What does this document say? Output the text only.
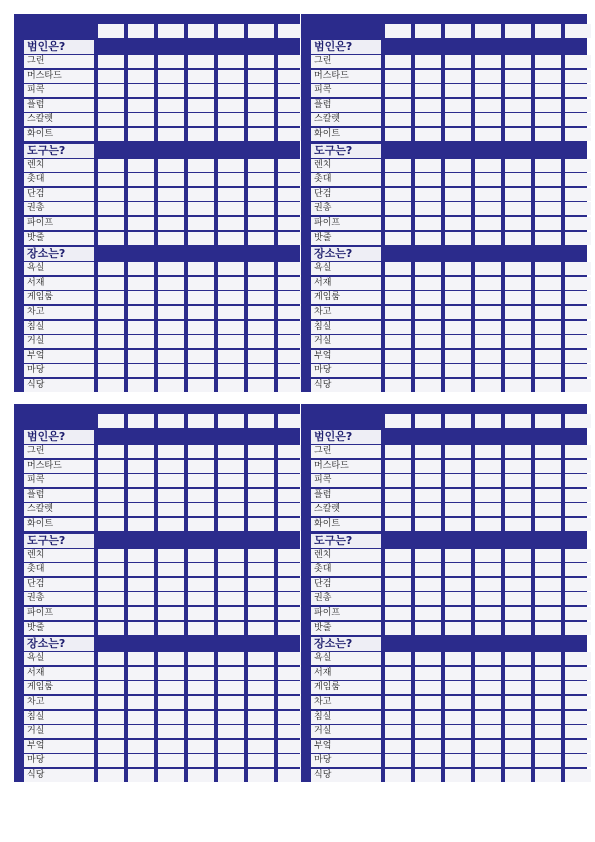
범인은?
그린
머스타드
피콕
플럼
스칼렛
화이트
도구는?
렌치
촛대
단검
권총
파이프
밧줄
장소는?
욕실
서재
게임룸
차고
침실
거실
부엌
마당
식당
범인은?
그린
머스타드
피콕
플럼
스칼렛
화이트
도구는?
렌치
촛대
단검
권총
파이프
밧줄
장소는?
욕실
서재
게임룸
차고
침실
거실
부엌
마당
식당
범인은?
그린
머스타드
피콕
플럼
스칼렛
화이트
도구는?
렌치
촛대
단검
권총
파이프
밧줄
장소는?
욕실
서재
게임룸
차고
침실
거실
부엌
마당
식당
범인은?
그린
머스타드
피콕
플럼
스칼렛
화이트
도구는?
렌치
촛대
단검
권총
파이프
밧줄
장소는?
욕실
서재
게임룸
차고
침실
거실
부엌
마당
식당
